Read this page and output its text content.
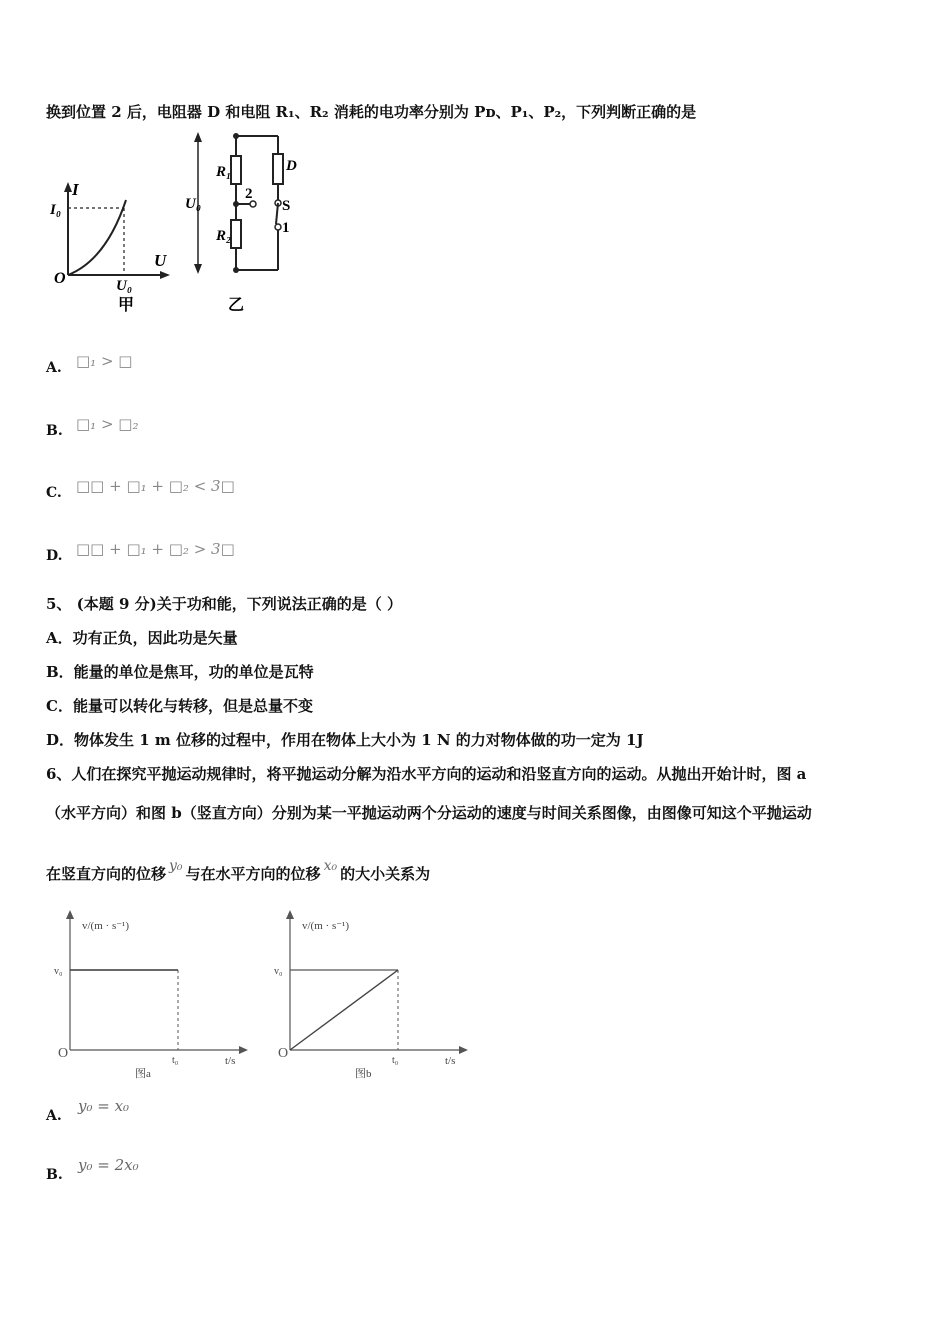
换到位置 2 后，电阻器 D 和电阻 R₁、R₂ 消耗的电功率分别为 Pᴅ、P₁、P₂，下列判断正确的是
I
U
O
I₀
U₀
甲
U₀
R₁
R₂
2
D
S
1
乙
A. □₁ > □
B. □₁ > □₂
C. □□ + □₁ + □₂ < 3□
D. □□ + □₁ + □₂ > 3□
5、 (本题 9 分)关于功和能，下列说法正确的是（ ）
A．功有正负，因此功是矢量
B．能量的单位是焦耳，功的单位是瓦特
C．能量可以转化与转移，但是总量不变
D．物体发生 1 m 位移的过程中，作用在物体上大小为 1 N 的力对物体做的功一定为 1J
6、人们在探究平抛运动规律时，将平抛运动分解为沿水平方向的运动和沿竖直方向的运动。从抛出开始计时，图 a
（水平方向）和图 b（竖直方向）分别为某一平抛运动两个分运动的速度与时间关系图像，由图像可知这个平抛运动
在竖直方向的位移 y₀ 与在水平方向的位移 x₀ 的大小关系为
v/(m · s⁻¹)
t/s
O
v₀
t₀
图a
v/(m · s⁻¹)
t/s
O
v₀
t₀
图b
A.
y₀ = x₀
B.
y₀ = 2x₀
